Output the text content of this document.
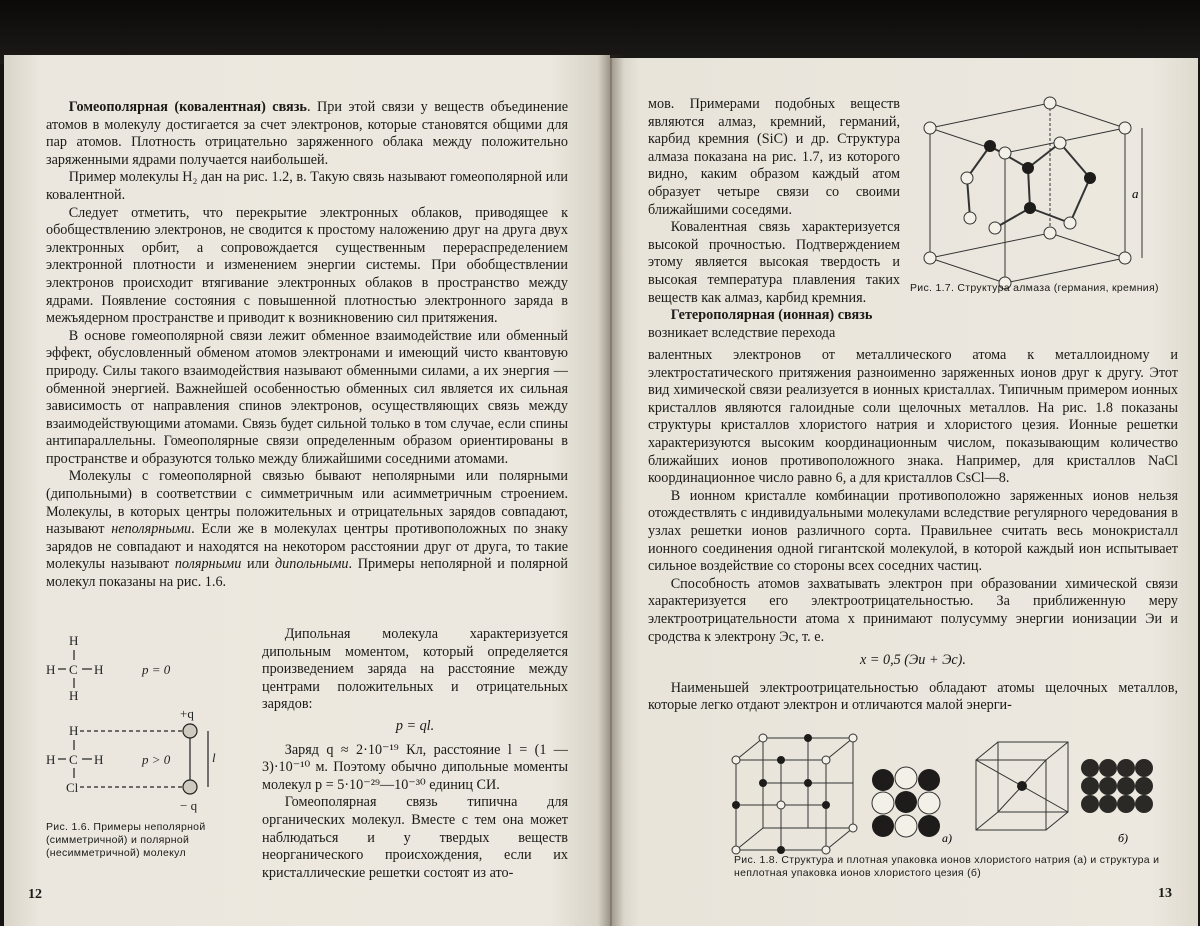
Гомеополярная (ковалентная) связь. При этой связи у веществ объединение атомов в молекулу достигается за счет электронов, которые становятся общими для пар атомов. Плотность отрицательно заряженного облака между положительно заряженными ядрами получается наибольшей.

Пример молекулы H₂ дан на рис. 1.2, в. Такую связь называют гомеополярной или ковалентной.

Следует отметить, что перекрытие электронных облаков, приводящее к обобществлению электронов, не сводится к простому наложению друг на друга двух электронных орбит, а сопровождается существенным перераспределением электронной плотности и изменением энергии системы. При обобществлении электронов происходит втягивание электронных облаков в пространство между ядрами. Появление состояния с повышенной плотностью электронного заряда в межъядерном пространстве и приводит к возникновению сил притяжения.

В основе гомеополярной связи лежит обменное взаимодействие или обменный эффект, обусловленный обменом атомов электронами и имеющий чисто квантовую природу. Силы такого взаимодействия называют обменными силами, а их энергия — обменной энергией. Важнейшей особенностью обменных сил является их сильная зависимость от направления спинов электронов, осуществляющих связь между взаимодействующими атомами. Связь будет сильной только в том случае, если спины антипараллельны. Гомеополярные связи определенным образом ориентированы в пространстве и образуются только между ближайшими соседними атомами.

Молекулы с гомеополярной связью бывают неполярными или полярными (дипольными) в соответствии с симметричным или асимметричным строением. Молекулы, в которых центры положительных и отрицательных зарядов совпадают, называют неполярными. Если же в молекулах центры противоположных по знаку зарядов не совпадают и находятся на некотором расстоянии друг от друга, то такие молекулы называют полярными или дипольными. Примеры неполярной и полярной молекул показаны на рис. 1.6.

H
H C H
H
p = 0
H
H C H
Cl
p > 0
+q
− q
l
Рис. 1.6. Примеры неполярной (симметричной) и полярной (несимметричной) молекул

Дипольная молекула характеризуется дипольным моментом, который определяется произведением заряда на расстояние между центрами положительных и отрицательных зарядов:

p = ql.

Заряд q ≈ 2·10⁻¹⁹ Кл, расстояние l = (1 — 3)·10⁻¹⁰ м. Поэтому обычно дипольные моменты молекул p = 5·10⁻²⁹—10⁻³⁰ единиц СИ.

Гомеополярная связь типична для органических молекул. Вместе с тем она может наблюдаться и у твердых веществ неорганического происхождения, если их кристаллические решетки состоят из ато-

12

мов. Примерами подобных веществ являются алмаз, кремний, германий, карбид кремния (SiC) и др. Структура алмаза показана на рис. 1.7, из которого видно, каким образом каждый атом образует четыре связи со своими ближайшими соседями.

Ковалентная связь характеризуется высокой прочностью. Подтверждением этому является высокая твердость и высокая температура плавления таких веществ как алмаз, карбид кремния.

Гетерополярная (ионная) связь
возникает вследствие перехода

a
Рис. 1.7. Структура алмаза (германия, кремния)

валентных электронов от металлического атома к металлоидному и электростатического притяжения разноименно заряженных ионов друг к другу. Этот вид химической связи реализуется в ионных кристаллах. Типичным примером ионных кристаллов являются галоидные соли щелочных металлов. На рис. 1.8 показаны структуры кристаллов хлористого натрия и хлористого цезия. Ионные решетки характеризуются высоким координационным числом, показывающим количество ближайших ионов противоположного знака. Например, для кристаллов NaCl координационное число равно 6, а для кристаллов CsCl—8.

В ионном кристалле комбинации противоположно заряженных ионов нельзя отождествлять с индивидуальными молекулами вследствие регулярного чередования в узлах решетки ионов различного сорта. Правильнее считать весь монокристалл ионного соединения одной гигантской молекулой, в которой каждый ион испытывает сильное воздействие со стороны всех соседних частиц.

Способность атомов захватывать электрон при образовании химической связи характеризуется его электроотрицательностью. За приближенную меру электроотрицательности атома x принимают полусумму энергии ионизации Эи и сродства к электрону Эс, т. е.

x = 0,5 (Эи + Эс).

Наименьшей электроотрицательностью обладают атомы щелочных металлов, которые легко отдают электрон и отличаются малой энерги-

а)	б)
Рис. 1.8. Структура и плотная упаковка ионов хлористого натрия (а) и структура и неплотная упаковка ионов хлористого цезия (б)
13
